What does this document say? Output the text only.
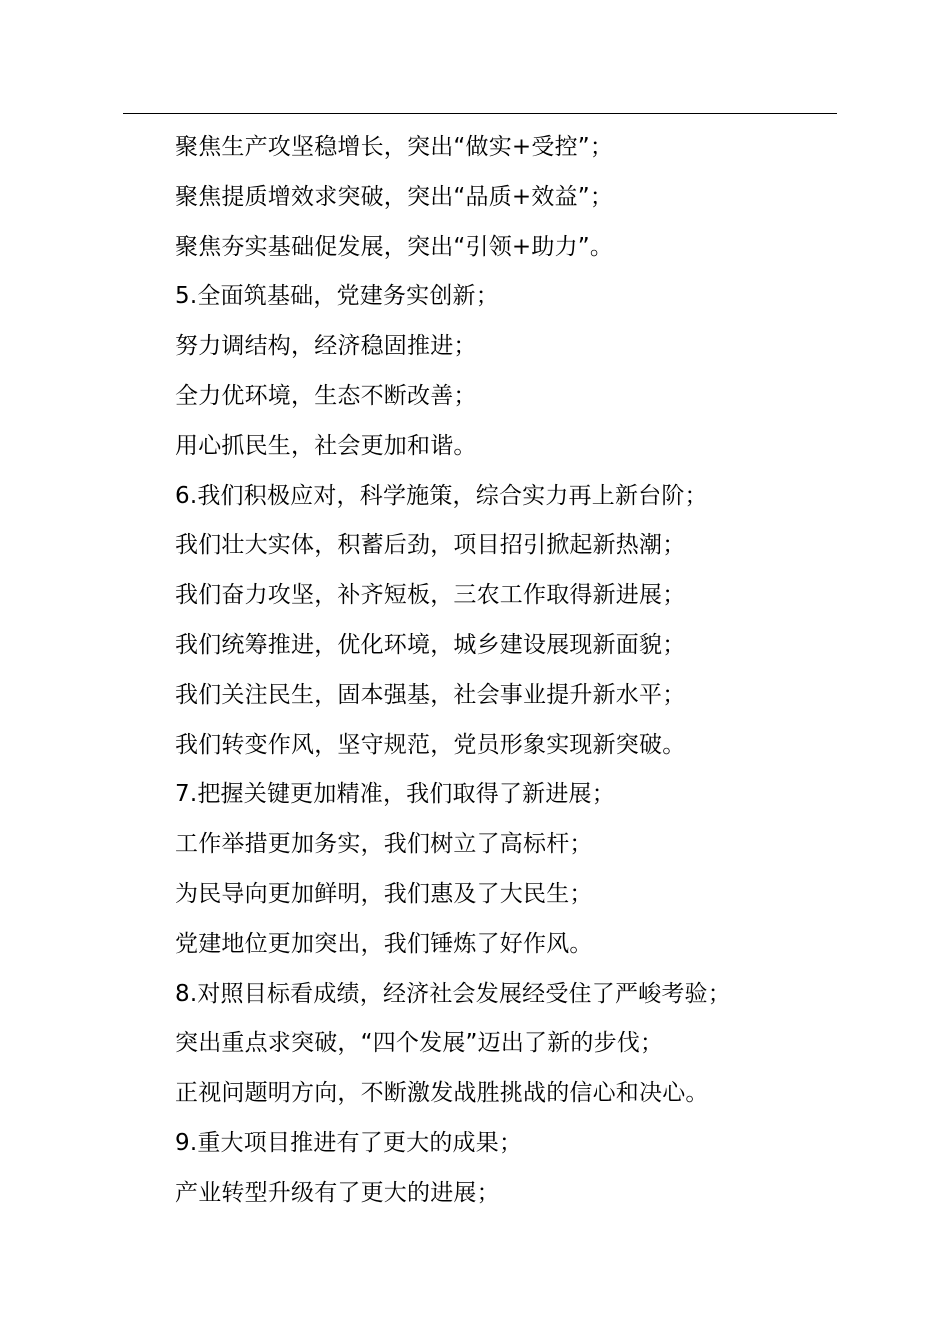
聚焦生产攻坚稳增长，突出“做实+受控”；
聚焦提质增效求突破，突出“品质+效益”；
聚焦夯实基础促发展，突出“引领+助力”。
5.全面筑基础，党建务实创新；
努力调结构，经济稳固推进；
全力优环境，生态不断改善；
用心抓民生，社会更加和谐。
6.我们积极应对，科学施策，综合实力再上新台阶；
我们壮大实体，积蓄后劲，项目招引掀起新热潮；
我们奋力攻坚，补齐短板，三农工作取得新进展；
我们统筹推进，优化环境，城乡建设展现新面貌；
我们关注民生，固本强基，社会事业提升新水平；
我们转变作风，坚守规范，党员形象实现新突破。
7.把握关键更加精准，我们取得了新进展；
工作举措更加务实，我们树立了高标杆；
为民导向更加鲜明，我们惠及了大民生；
党建地位更加突出，我们锤炼了好作风。
8.对照目标看成绩，经济社会发展经受住了严峻考验；
突出重点求突破，“四个发展”迈出了新的步伐；
正视问题明方向，不断激发战胜挑战的信心和决心。
9.重大项目推进有了更大的成果；
产业转型升级有了更大的进展；
